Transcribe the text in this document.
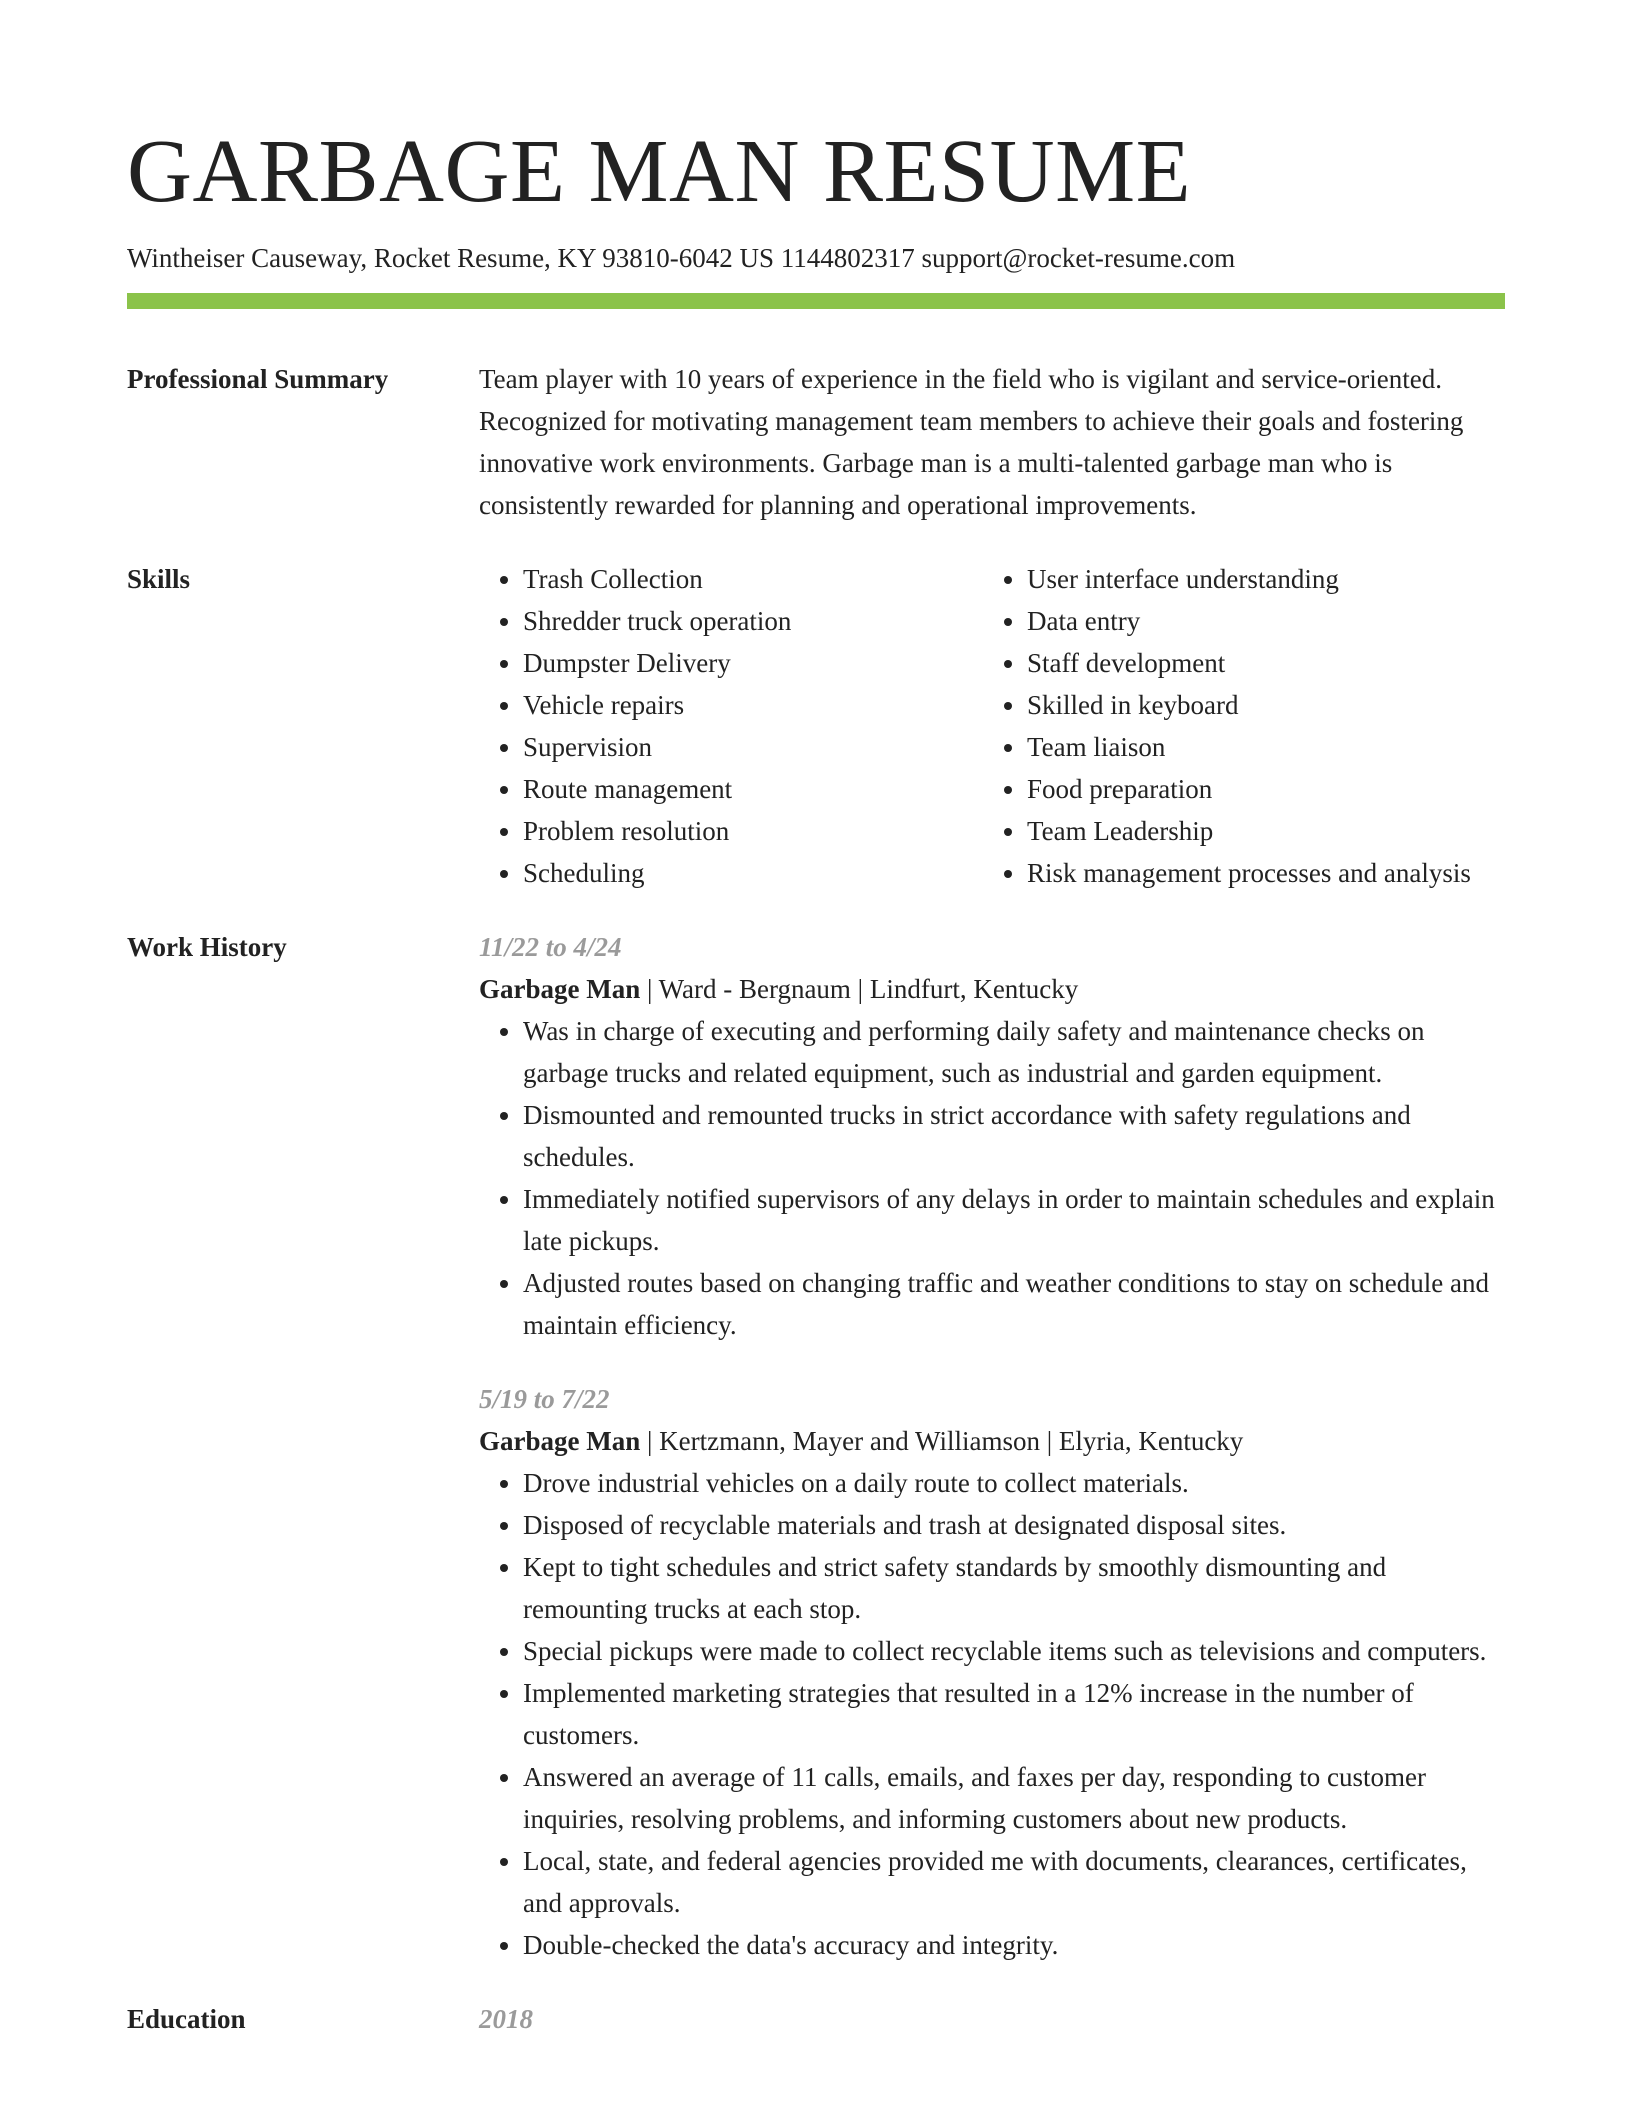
GARBAGE MAN RESUME
Wintheiser Causeway, Rocket Resume, KY 93810-6042 US 1144802317 support@rocket-resume.com
Professional Summary	Team player with 10 years of experience in the field who is vigilant and service-oriented. Recognized for motivating management team members to achieve their goals and fostering innovative work environments. Garbage man is a multi-talented garbage man who is consistently rewarded for planning and operational improvements.

Skills
•	Trash Collection
• Shredder truck operation
• Dumpster Delivery
• Vehicle repairs
• Supervision
• Route management
• Problem resolution
• Scheduling
• User interface understanding
• Data entry
• Staff development
• Skilled in keyboard
• Team liaison
• Food preparation
• Team Leadership
• Risk management processes and analysis
Work History	11/22 to 4/24
Garbage Man | Ward - Bergnaum | Lindfurt, Kentucky
• Was in charge of executing and performing daily safety and maintenance checks on garbage trucks and related equipment, such as industrial and garden equipment.
• Dismounted and remounted trucks in strict accordance with safety regulations and schedules.
• Immediately notified supervisors of any delays in order to maintain schedules and explain late pickups.
• Adjusted routes based on changing traffic and weather conditions to stay on schedule and maintain efficiency.
5/19 to 7/22
Garbage Man | Kertzmann, Mayer and Williamson | Elyria, Kentucky
• Drove industrial vehicles on a daily route to collect materials.
• Disposed of recyclable materials and trash at designated disposal sites.
• Kept to tight schedules and strict safety standards by smoothly dismounting and remounting trucks at each stop.
• Special pickups were made to collect recyclable items such as televisions and computers.
• Implemented marketing strategies that resulted in a 12% increase in the number of customers.
• Answered an average of 11 calls, emails, and faxes per day, responding to customer inquiries, resolving problems, and informing customers about new products.
• Local, state, and federal agencies provided me with documents, clearances, certificates, and approvals.
• Double-checked the data's accuracy and integrity.
Education	2018
